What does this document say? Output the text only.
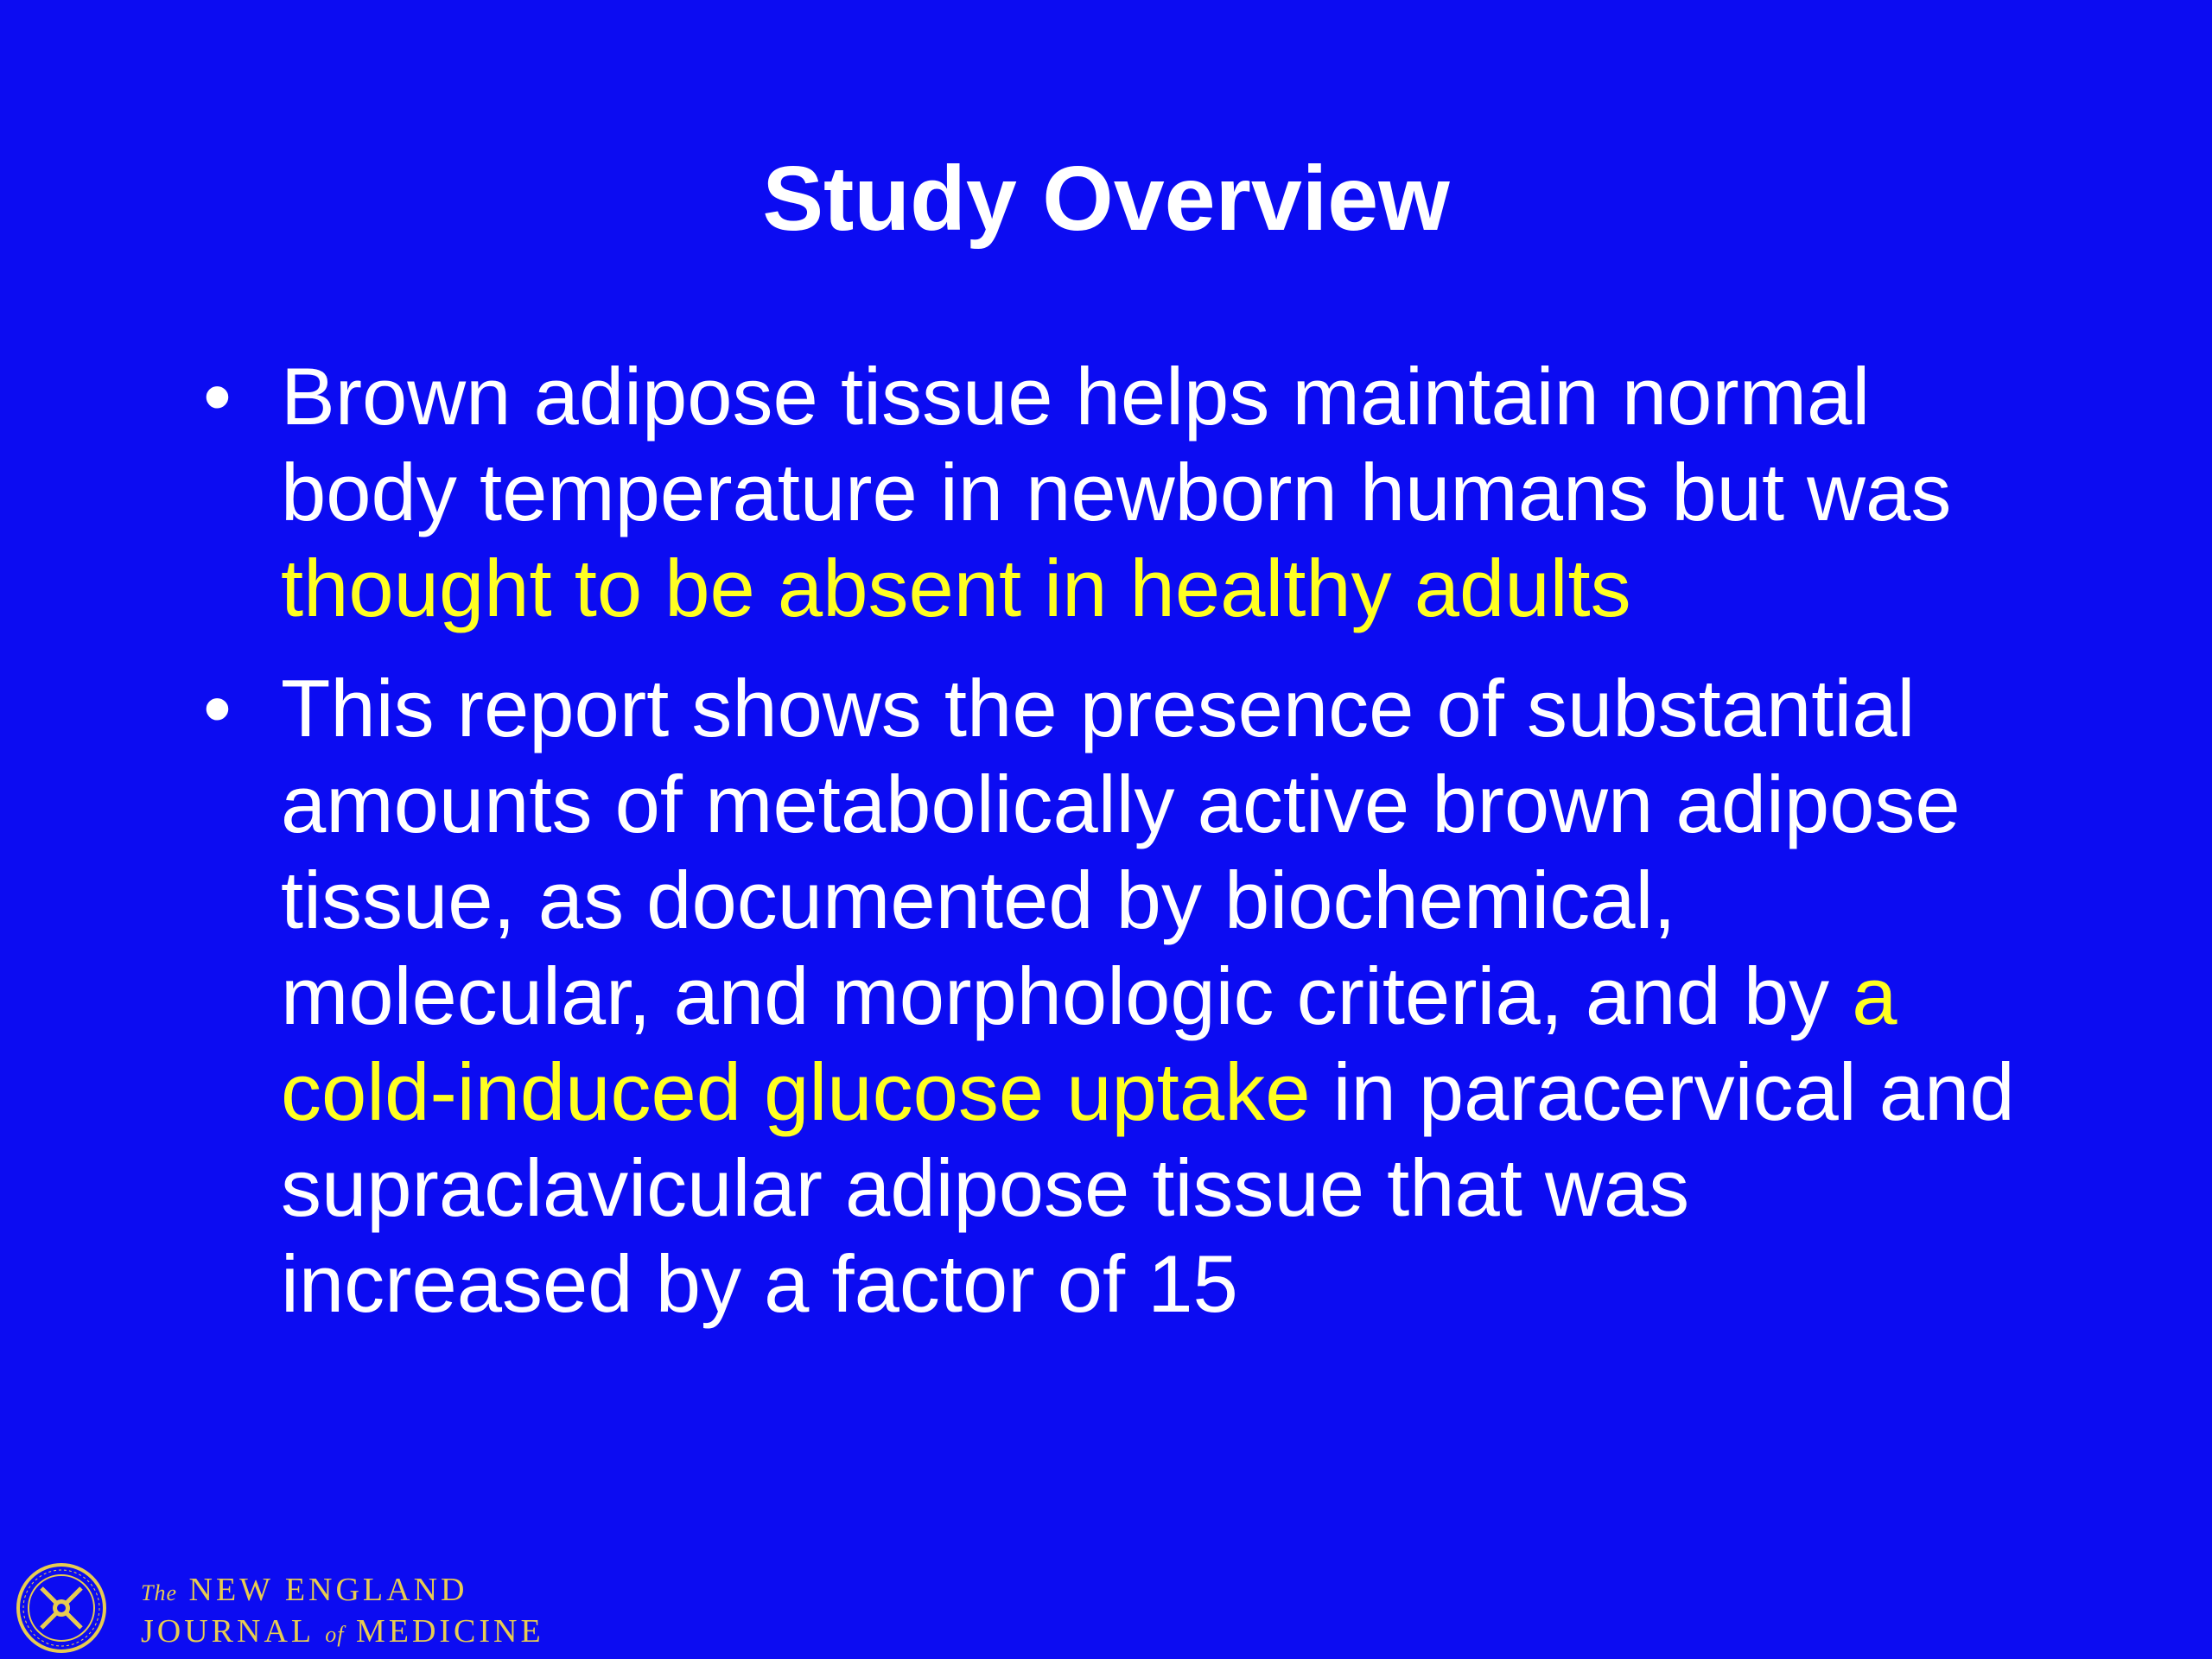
Study Overview
• Brown adipose tissue helps maintain normal body temperature in newborn humans but was thought to be absent in healthy adults
• This report shows the presence of substantial amounts of metabolically active brown adipose tissue, as documented by biochemical, molecular, and morphologic criteria, and by a cold-induced glucose uptake in paracervical and supraclavicular adipose tissue that was increased by a factor of 15
The NEW ENGLAND
JOURNAL of MEDICINE
